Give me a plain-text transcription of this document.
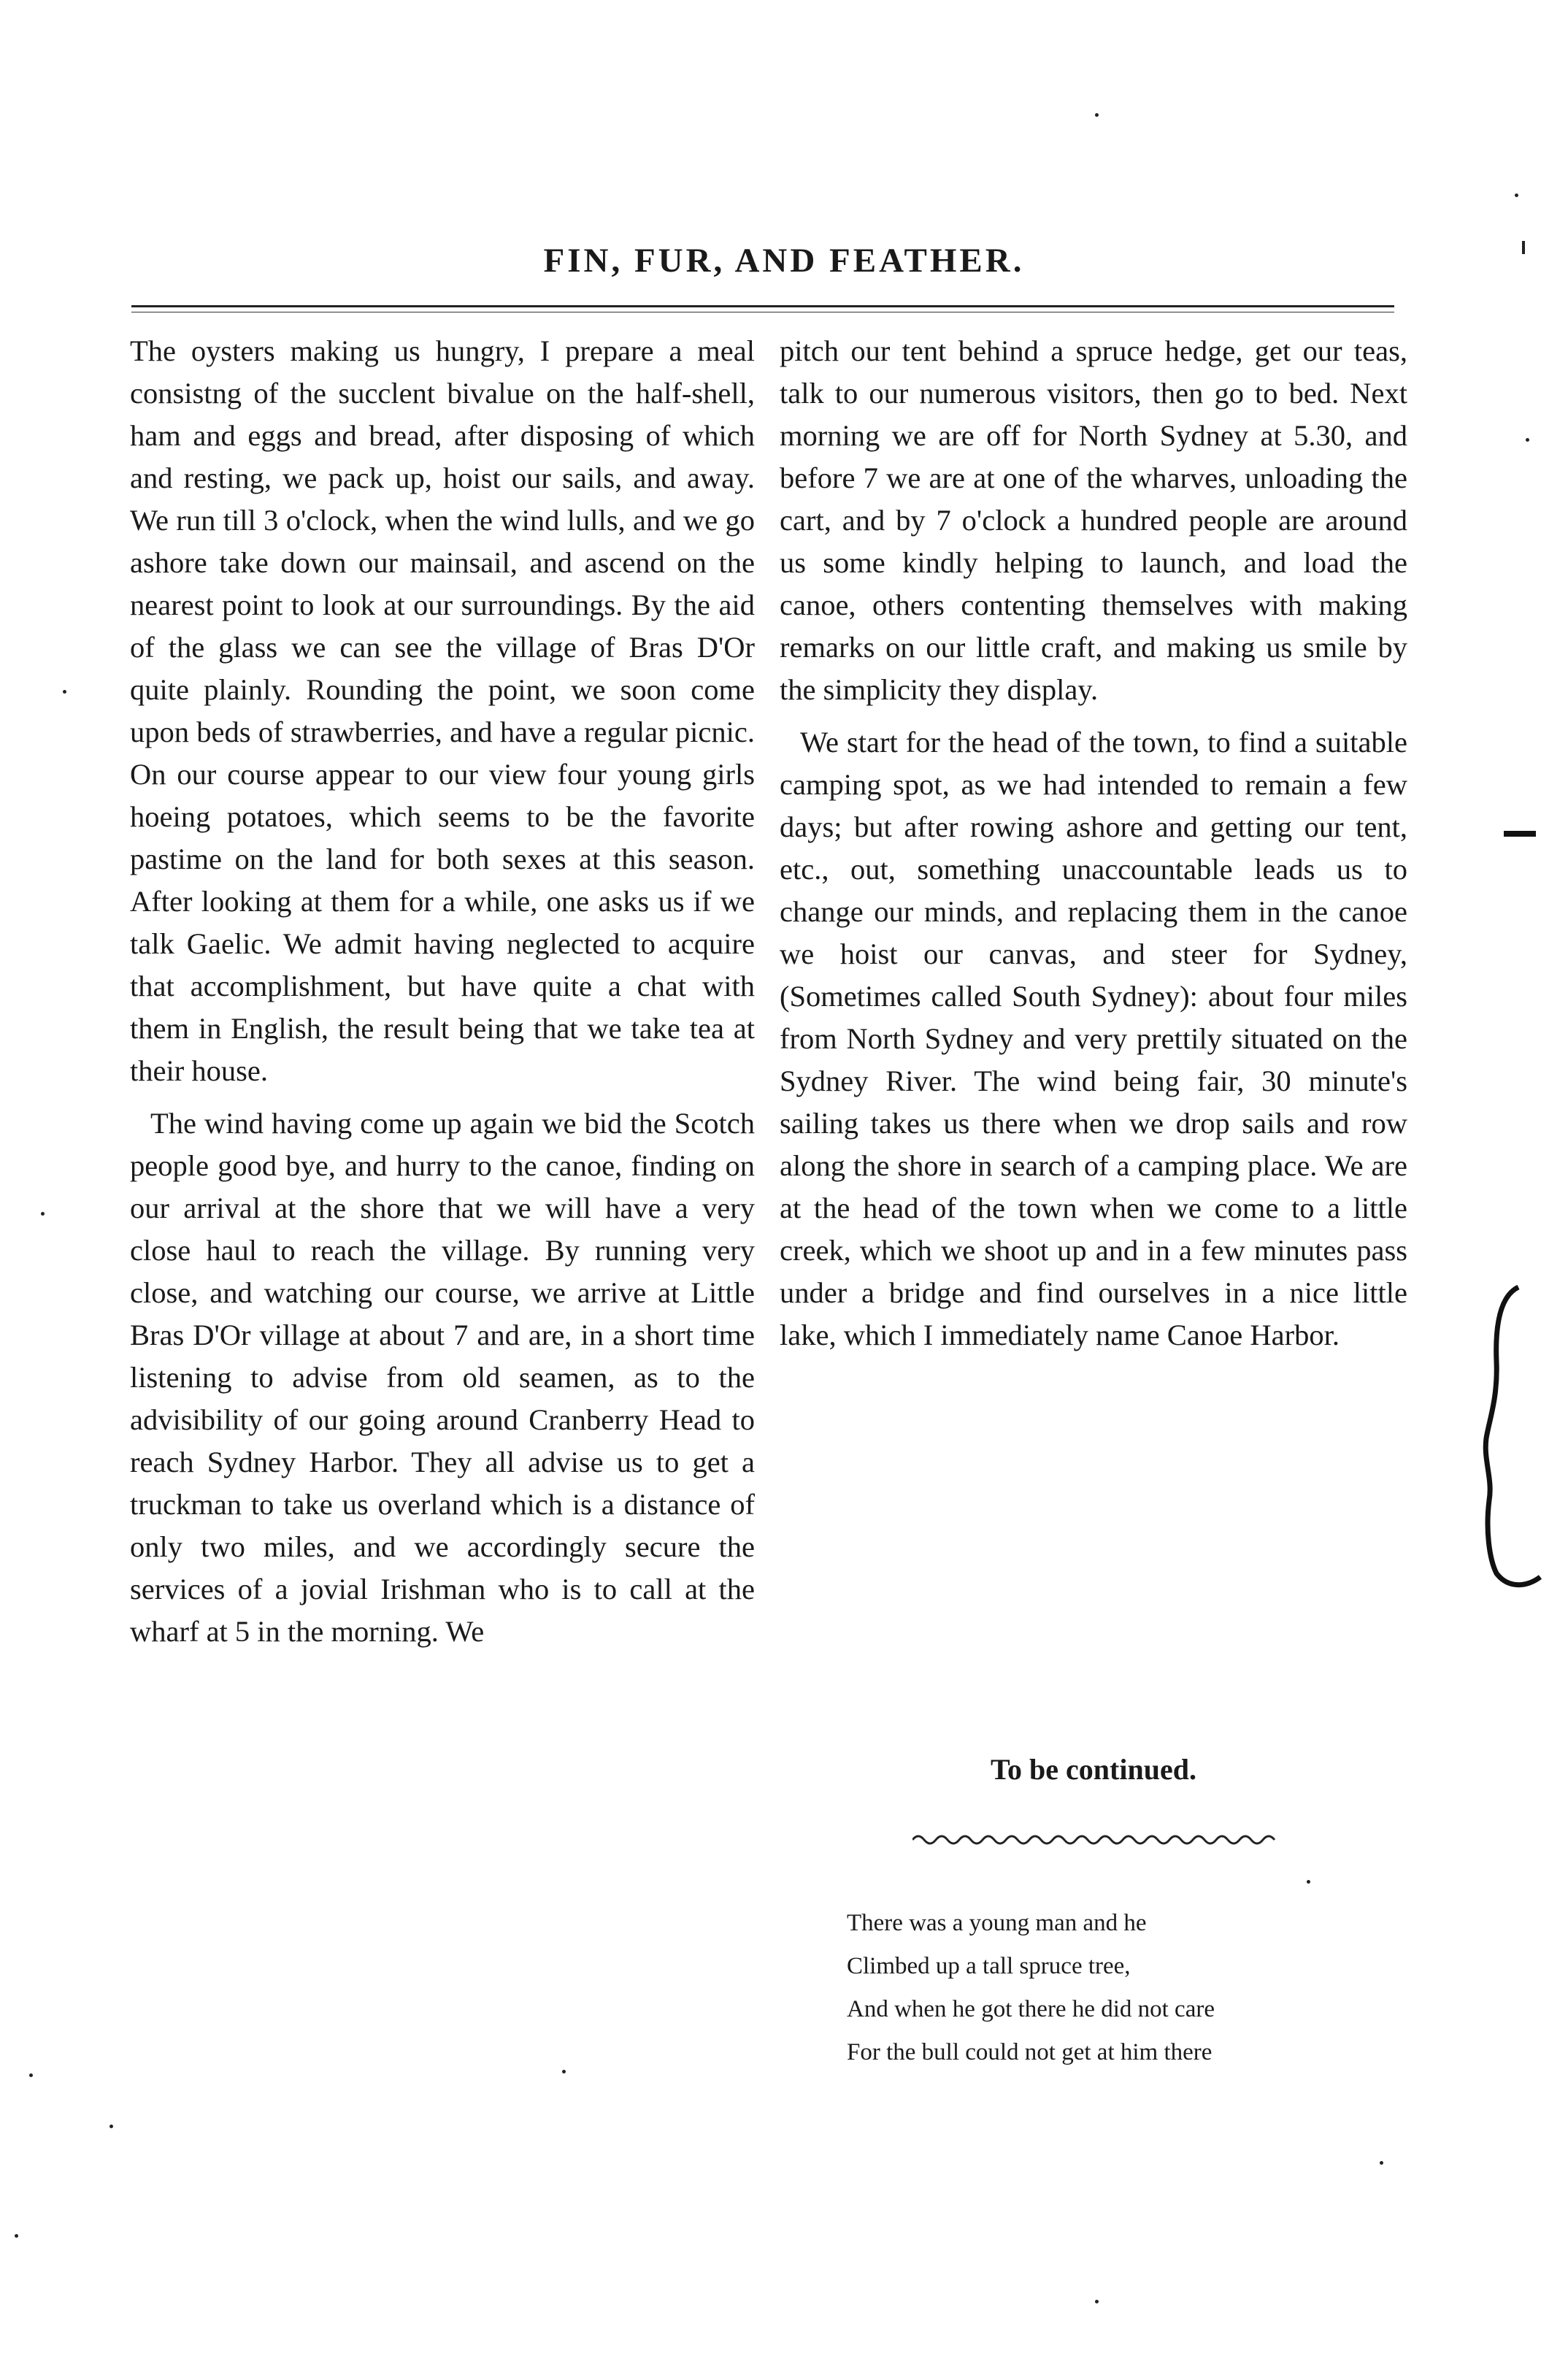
FIN, FUR, AND FEATHER.

The oysters making us hungry, I prepare a meal consistng of the succlent bivalue on the half-shell, ham and eggs and bread, after disposing of which and resting, we pack up, hoist our sails, and away. We run till 3 o'clock, when the wind lulls, and we go ashore take down our mainsail, and ascend on the nearest point to look at our surroundings. By the aid of the glass we can see the village of Bras D'Or quite plainly. Rounding the point, we soon come upon beds of strawberries, and have a regular picnic. On our course appear to our view four young girls hoeing potatoes, which seems to be the favorite pastime on the land for both sexes at this season. After looking at them for a while, one asks us if we talk Gaelic. We admit having neglected to acquire that accomplishment, but have quite a chat with them in English, the result being that we take tea at their house.

The wind having come up again we bid the Scotch people good bye, and hurry to the canoe, finding on our arrival at the shore that we will have a very close haul to reach the village. By running very close, and watching our course, we arrive at Little Bras D'Or village at about 7 and are, in a short time listening to advise from old seamen, as to the advisibility of our going around Cranberry Head to reach Sydney Harbor. They all advise us to get a truckman to take us overland which is a distance of only two miles, and we accordingly secure the services of a jovial Irishman who is to call at the wharf at 5 in the morning. We

pitch our tent behind a spruce hedge, get our teas, talk to our numerous visitors, then go to bed. Next morning we are off for North Sydney at 5.30, and before 7 we are at one of the wharves, unloading the cart, and by 7 o'clock a hundred people are around us some kindly helping to launch, and load the canoe, others contenting themselves with making remarks on our little craft, and making us smile by the simplicity they display.

We start for the head of the town, to find a suitable camping spot, as we had intended to remain a few days; but after rowing ashore and getting our tent, etc., out, something unaccountable leads us to change our minds, and replacing them in the canoe we hoist our canvas, and steer for Sydney, (Sometimes called South Sydney): about four miles from North Sydney and very prettily situated on the Sydney River. The wind being fair, 30 minute's sailing takes us there when we drop sails and row along the shore in search of a camping place. We are at the head of the town when we come to a little creek, which we shoot up and in a few minutes pass under a bridge and find ourselves in a nice little lake, which I immediately name Canoe Harbor.

To be continued.

There was a young man and he
Climbed up a tall spruce tree,
And when he got there he did not care
For the bull could not get at him there
